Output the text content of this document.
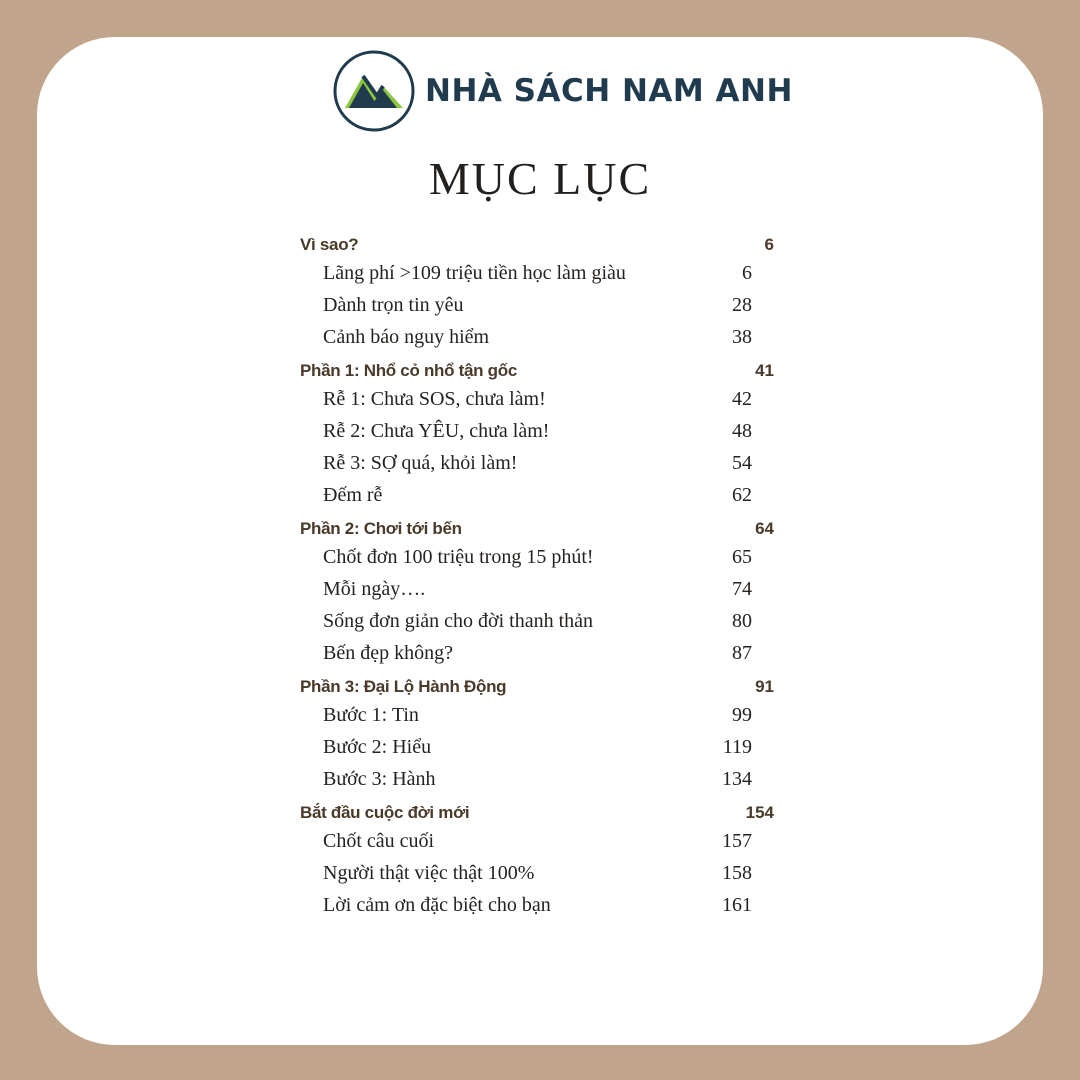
NHÀ SÁCH NAM ANH
MỤC LỤC
Vì sao?	6
Lãng phí >109 triệu tiền học làm giàu	6
Dành trọn tin yêu	28
Cảnh báo nguy hiểm	38
Phần 1: Nhổ cỏ nhổ tận gốc	41
Rễ 1: Chưa SOS, chưa làm!	42
Rễ 2: Chưa YÊU, chưa làm!	48
Rễ 3: SỢ quá, khỏi làm!	54
Đếm rễ	62
Phần 2: Chơi tới bến	64
Chốt đơn 100 triệu trong 15 phút!	65
Mỗi ngày….	74
Sống đơn giản cho đời thanh thản	80
Bến đẹp không?	87
Phần 3: Đại Lộ Hành Động	91
Bước 1: Tin	99
Bước 2: Hiểu	119
Bước 3: Hành	134
Bắt đầu cuộc đời mới	154
Chốt câu cuối	157
Người thật việc thật 100%	158
Lời cảm ơn đặc biệt cho bạn	161
